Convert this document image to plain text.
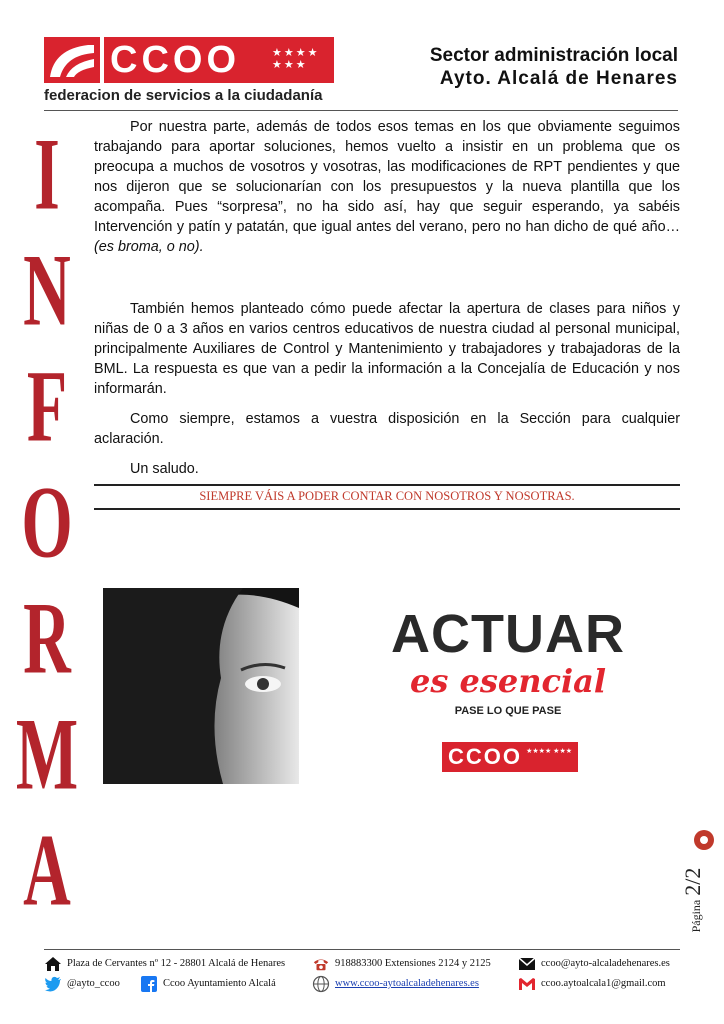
CCOO	★★★★ ★★★
federacion de servicios a la ciudadanía
Sector administración local
Ayto. Alcalá de Henares
I
N
F
O
R
M
A

Por nuestra parte, además de todos esos temas en los que obviamente seguimos trabajando para aportar soluciones, hemos vuelto a insistir en un problema que os preocupa a muchos de vosotros y vosotras, las modificaciones de RPT pendientes y que nos dijeron que se solucionarían con los presupuestos y la nueva plantilla que los acompaña. Pues “sorpresa”, no ha sido así, hay que seguir esperando, ya sabéis Intervención y patín y patatán, que igual antes del verano, pero no han dicho de qué año… (es broma, o no).

También hemos planteado cómo puede afectar la apertura de clases para niños y niñas de 0 a 3 años en varios centros educativos de nuestra ciudad al personal municipal, principalmente Auxiliares de Control y Mantenimiento y trabajadores y trabajadoras de la BML. La respuesta es que van a pedir la información a la Concejalía de Educación y nos informarán.

Como siempre, estamos a vuestra disposición en la Sección para cualquier aclaración.

Un saludo.

SIEMPRE VÁIS A PODER CONTAR CON NOSOTROS Y NOSOTRAS.
ACTUAR
es esencial
PASE LO QUE PASE
CCOO ★★★★ ★★★
Página
2/2
Plaza de Cervantes nº 12 - 28801 Alcalá de Henares	918883300 Extensiones 2124 y 2125	ccoo@ayto-alcaladehenares.es
@ayto_ccoo	Ccoo Ayuntamiento Alcalá	www.ccoo-aytoalcaladehenares.es	ccoo.aytoalcala1@gmail.com
